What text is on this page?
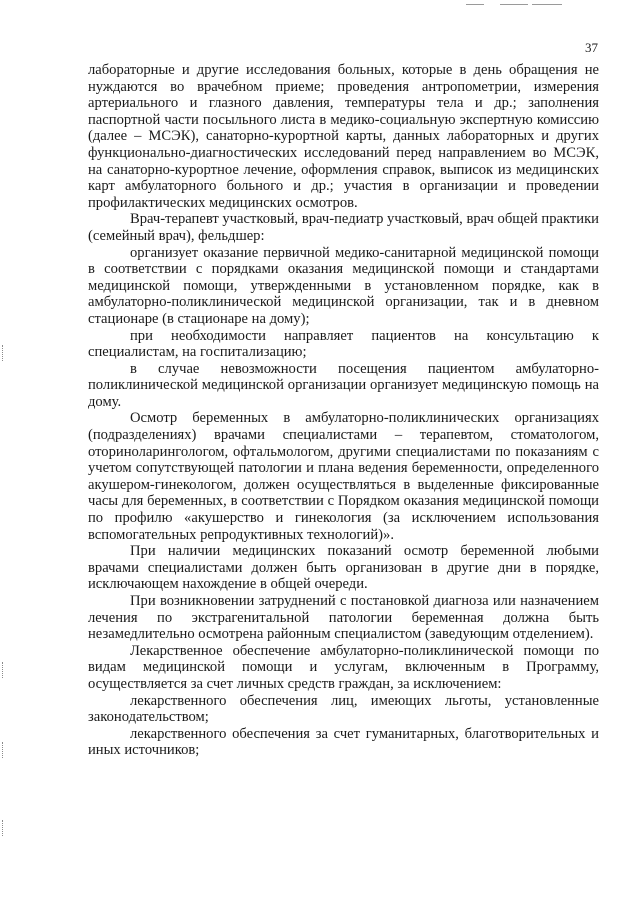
37

лабораторные и другие исследования больных, которые в день обращения не нуждаются во врачебном приеме; проведения антропометрии, измерения артериального и глазного давления, температуры тела и др.; заполнения паспортной части посыльного листа в медико-социальную экспертную комиссию (далее – МСЭК), санаторно-курортной карты, данных лабораторных и других функционально-диагностических исследований перед направлением во МСЭК, на санаторно-курортное лечение, оформления справок, выписок из медицинских карт амбулаторного больного и др.; участия в организации и проведении профилактических медицинских осмотров.

Врач-терапевт участковый, врач-педиатр участковый, врач общей практики (семейный врач), фельдшер:

организует оказание первичной медико-санитарной медицинской помощи в соответствии с порядками оказания медицинской помощи и стандартами медицинской помощи, утвержденными в установленном порядке, как в амбулаторно-поликлинической медицинской организации, так и в дневном стационаре (в стационаре на дому);

при необходимости направляет пациентов на консультацию к специалистам, на госпитализацию;

в случае невозможности посещения пациентом амбулаторно-поликлинической медицинской организации организует медицинскую помощь на дому.

Осмотр беременных в амбулаторно-поликлинических организациях (подразделениях) врачами специалистами – терапевтом, стоматологом, оториноларингологом, офтальмологом, другими специалистами по показаниям с учетом сопутствующей патологии и плана ведения беременности, определенного акушером-гинекологом, должен осуществляться в выделенные фиксированные часы для беременных, в соответствии с Порядком оказания медицинской помощи по профилю «акушерство и гинекология (за исключением использования вспомогательных репродуктивных технологий)».

При наличии медицинских показаний осмотр беременной любыми врачами специалистами должен быть организован в другие дни в порядке, исключающем нахождение в общей очереди.

При возникновении затруднений с постановкой диагноза или назначением лечения по экстрагенитальной патологии беременная должна быть незамедлительно осмотрена районным специалистом (заведующим отделением).

Лекарственное обеспечение амбулаторно-поликлинической помощи по видам медицинской помощи и услугам, включенным в Программу, осуществляется за счет личных средств граждан, за исключением:

лекарственного обеспечения лиц, имеющих льготы, установленные законодательством;

лекарственного обеспечения за счет гуманитарных, благотворительных и иных источников;
